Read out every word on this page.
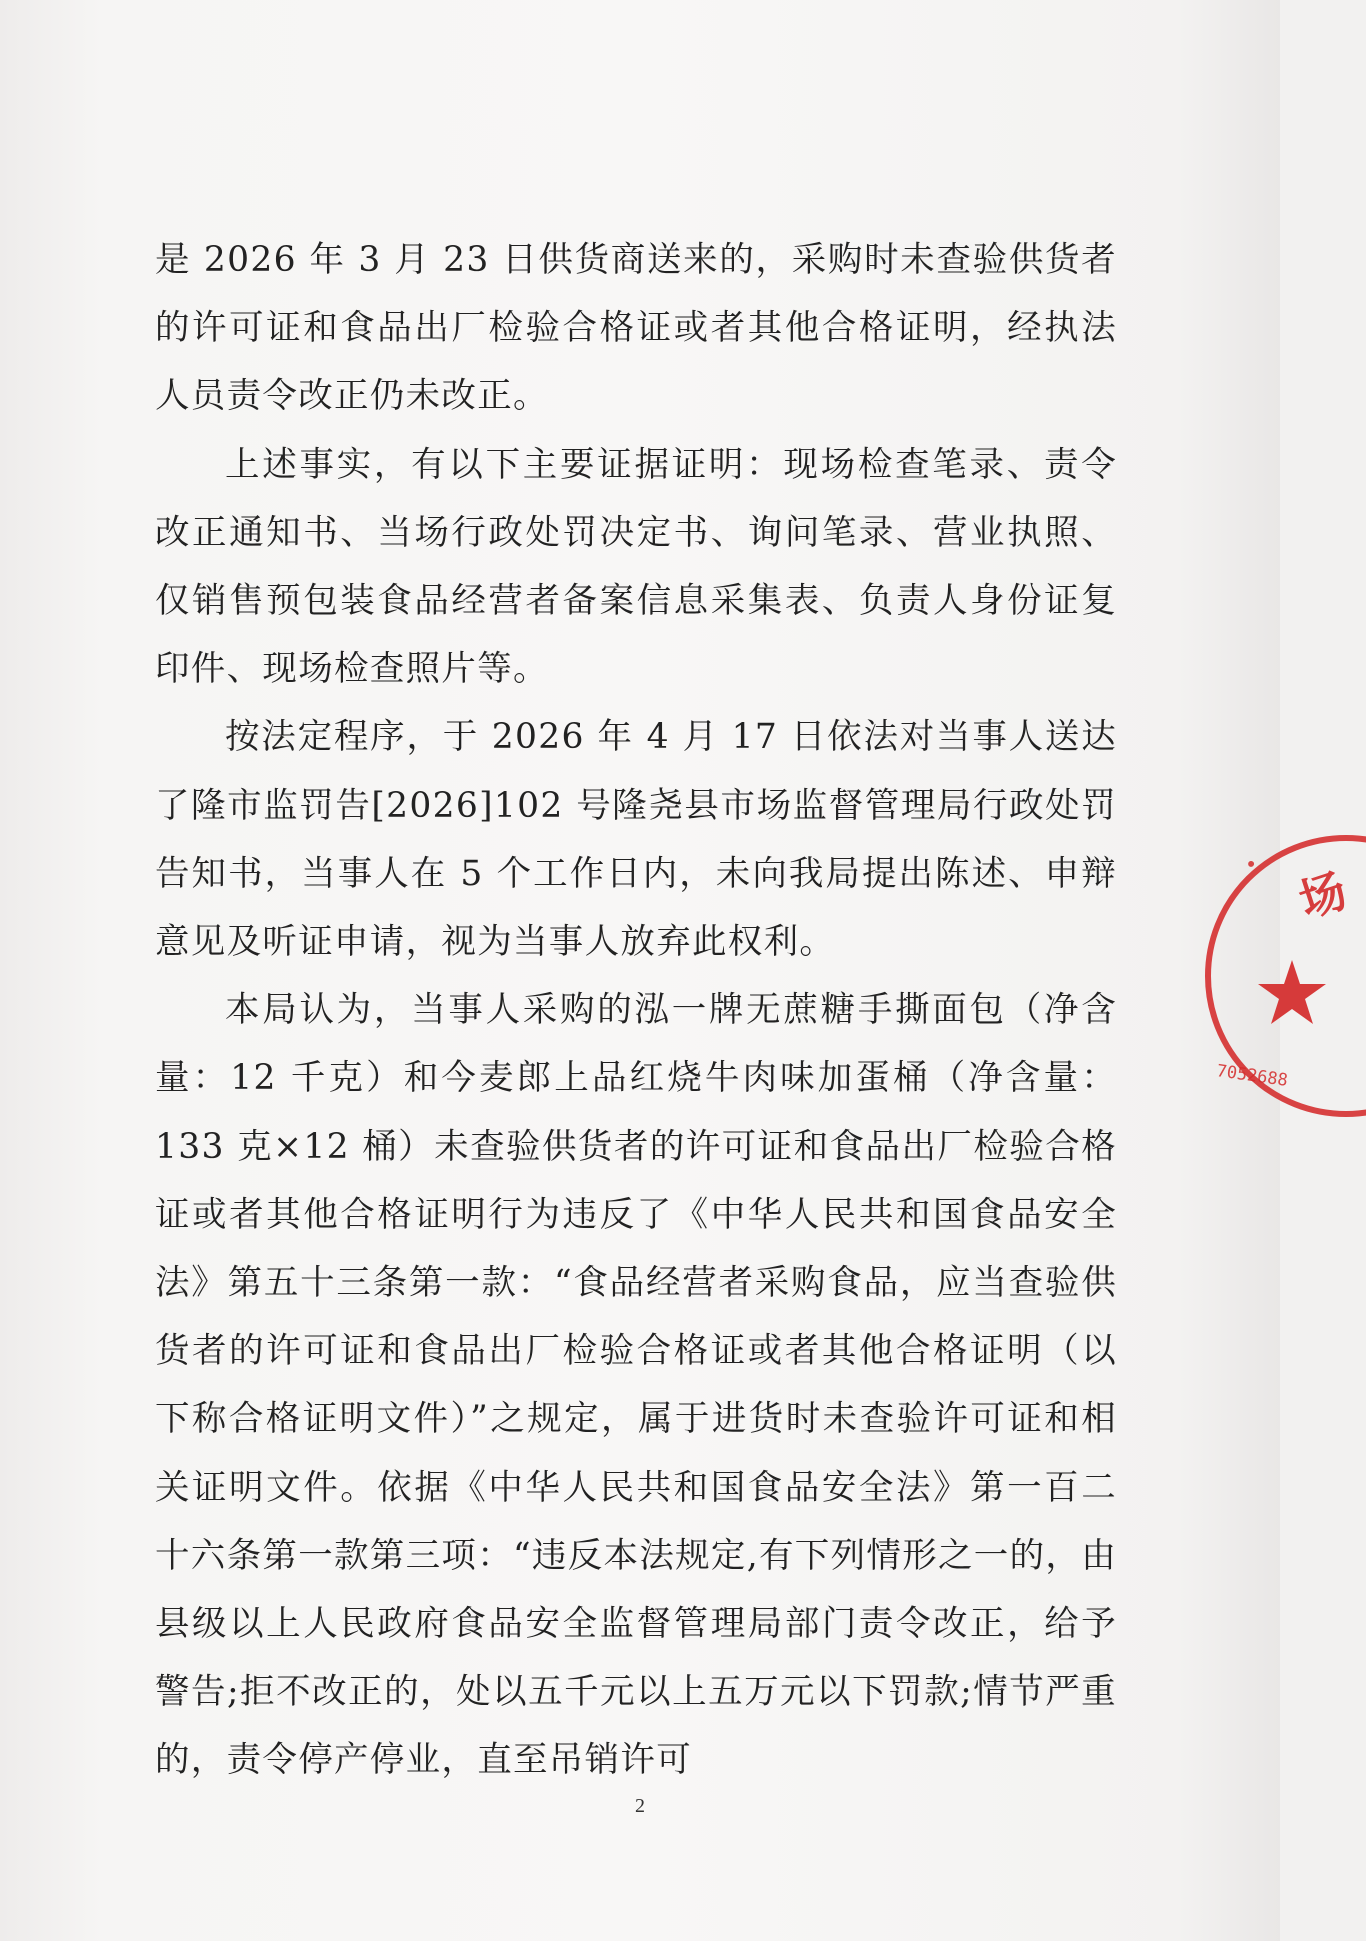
是 2026 年 3 月 23 日供货商送来的，采购时未查验供货者的许可证和食品出厂检验合格证或者其他合格证明，经执法人员责令改正仍未改正。

上述事实，有以下主要证据证明：现场检查笔录、责令改正通知书、当场行政处罚决定书、询问笔录、营业执照、仅销售预包装食品经营者备案信息采集表、负责人身份证复印件、现场检查照片等。

按法定程序，于 2026 年 4 月 17 日依法对当事人送达了隆市监罚告[2026]102 号隆尧县市场监督管理局行政处罚告知书，当事人在 5 个工作日内，未向我局提出陈述、申辩意见及听证申请，视为当事人放弃此权利。

本局认为，当事人采购的泓一牌无蔗糖手撕面包（净含量：12 千克）和今麦郎上品红烧牛肉味加蛋桶（净含量：133 克×12 桶）未查验供货者的许可证和食品出厂检验合格证或者其他合格证明行为违反了《中华人民共和国食品安全法》第五十三条第一款：“食品经营者采购食品，应当查验供货者的许可证和食品出厂检验合格证或者其他合格证明（以下称合格证明文件）”之规定，属于进货时未查验许可证和相关证明文件。依据《中华人民共和国食品安全法》第一百二十六条第一款第三项：“违反本法规定,有下列情形之一的，由县级以上人民政府食品安全监督管理局部门责令改正，给予警告;拒不改正的，处以五千元以上五万元以下罚款;情节严重的，责令停产停业，直至吊销许可

场
·
7052688
2
